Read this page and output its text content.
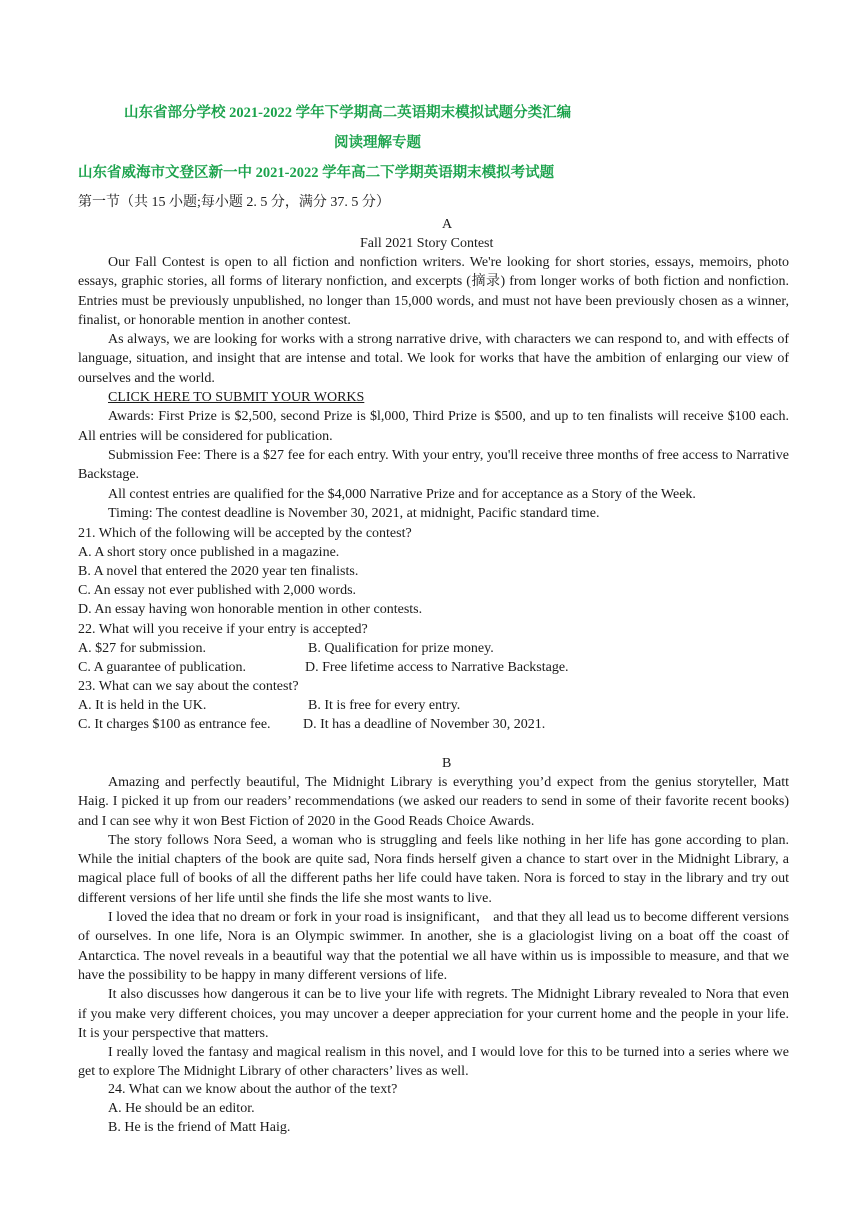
山东省部分学校 2021-2022 学年下学期高二英语期末模拟试题分类汇编
阅读理解专题
山东省威海市文登区新一中 2021-2022 学年高二下学期英语期末模拟考试题
第一节（共 15 小题;每小题 2. 5 分，满分 37. 5 分）
A
Fall 2021 Story Contest

Our Fall Contest is open to all fiction and nonfiction writers. We're looking for short stories, essays, memoirs, photo essays, graphic stories, all forms of literary nonfiction, and excerpts (摘录) from longer works of both fiction and nonfiction. Entries must be previously unpublished, no longer than 15,000 words, and must not have been previously chosen as a winner, finalist, or honorable mention in another contest.

As always, we are looking for works with a strong narrative drive, with characters we can respond to, and with effects of language, situation, and insight that are intense and total. We look for works that have the ambition of enlarging our view of ourselves and the world.

CLICK HERE TO SUBMIT YOUR WORKS

Awards: First Prize is $2,500, second Prize is $l,000, Third Prize is $500, and up to ten finalists will receive $100 each. All entries will be considered for publication.

Submission Fee: There is a $27 fee for each entry. With your entry, you'll receive three months of free access to Narrative Backstage.

All contest entries are qualified for the $4,000 Narrative Prize and for acceptance as a Story of the Week.

Timing: The contest deadline is November 30, 2021, at midnight, Pacific standard time.

21. Which of the following will be accepted by the contest?
A. A short story once published in a magazine.
B. A novel that entered the 2020 year ten finalists.
C. An essay not ever published with 2,000 words.
D. An essay having won honorable mention in other contests.
22. What will you receive if your entry is accepted?
A. $27 for submission.	B. Qualification for prize money.
C. A guarantee of publication.	D. Free lifetime access to Narrative Backstage.
23. What can we say about the contest?
A. It is held in the UK.	B. It is free for every entry.
C. It charges $100 as entrance fee. D. It has a deadline of November 30, 2021.
B

Amazing and perfectly beautiful, The Midnight Library is everything you’d expect from the genius storyteller, Matt Haig. I picked it up from our readers’ recommendations (we asked our readers to send in some of their favorite recent books) and I can see why it won Best Fiction of 2020 in the Good Reads Choice Awards.

The story follows Nora Seed, a woman who is struggling and feels like nothing in her life has gone according to plan. While the initial chapters of the book are quite sad, Nora finds herself given a chance to start over in the Midnight Library, a magical place full of books of all the different paths her life could have taken. Nora is forced to stay in the library and try out different versions of her life until she finds the life she most wants to live.

I loved the idea that no dream or fork in your road is insignificant， and that they all lead us to become different versions of ourselves. In one life, Nora is an Olympic swimmer. In another, she is a glaciologist living on a boat off the coast of Antarctica. The novel reveals in a beautiful way that the potential we all have within us is impossible to measure, and that we have the possibility to be happy in many different versions of life.

It also discusses how dangerous it can be to live your life with regrets. The Midnight Library revealed to Nora that even if you make very different choices, you may uncover a deeper appreciation for your current home and the people in your life. It is your perspective that matters.

I really loved the fantasy and magical realism in this novel, and I would love for this to be turned into a series where we get to explore The Midnight Library of other characters’ lives as well.

24. What can we know about the author of the text?
A. He should be an editor.
B. He is the friend of Matt Haig.
